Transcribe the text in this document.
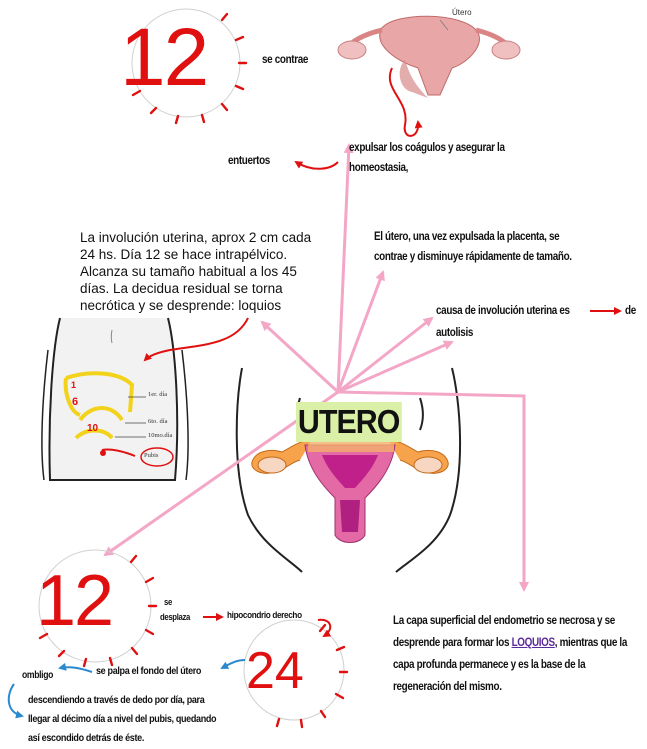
12	se contrae
Útero
expulsar los coágulos y asegurar la homeostasia,
entuertos
La involución uterina, aprox 2 cm cada 24 hs. Día 12 se hace intrapélvico. Alcanza su tamaño habitual a los 45 días. La decidua residual se torna necrótica y se desprende: loquios
El útero, una vez expulsada la placenta, se contrae y disminuye rápidamente de tamaño.
causa de involución uterina es	de
autolisis
1er. día
6to. día
10mo.día
Pubis
1
6
10	UTERO
12	se
desplaza	hipocondrio derecho
24
ombligo	se palpa el fondo del útero
descendiendo a través de dedo por día, para llegar al décimo día a nivel del pubis, quedando así escondido detrás de éste.
La capa superficial del endometrio se necrosa y se desprende para formar los LOQUIOS, mientras que la capa profunda permanece y es la base de la regeneración del mismo.
